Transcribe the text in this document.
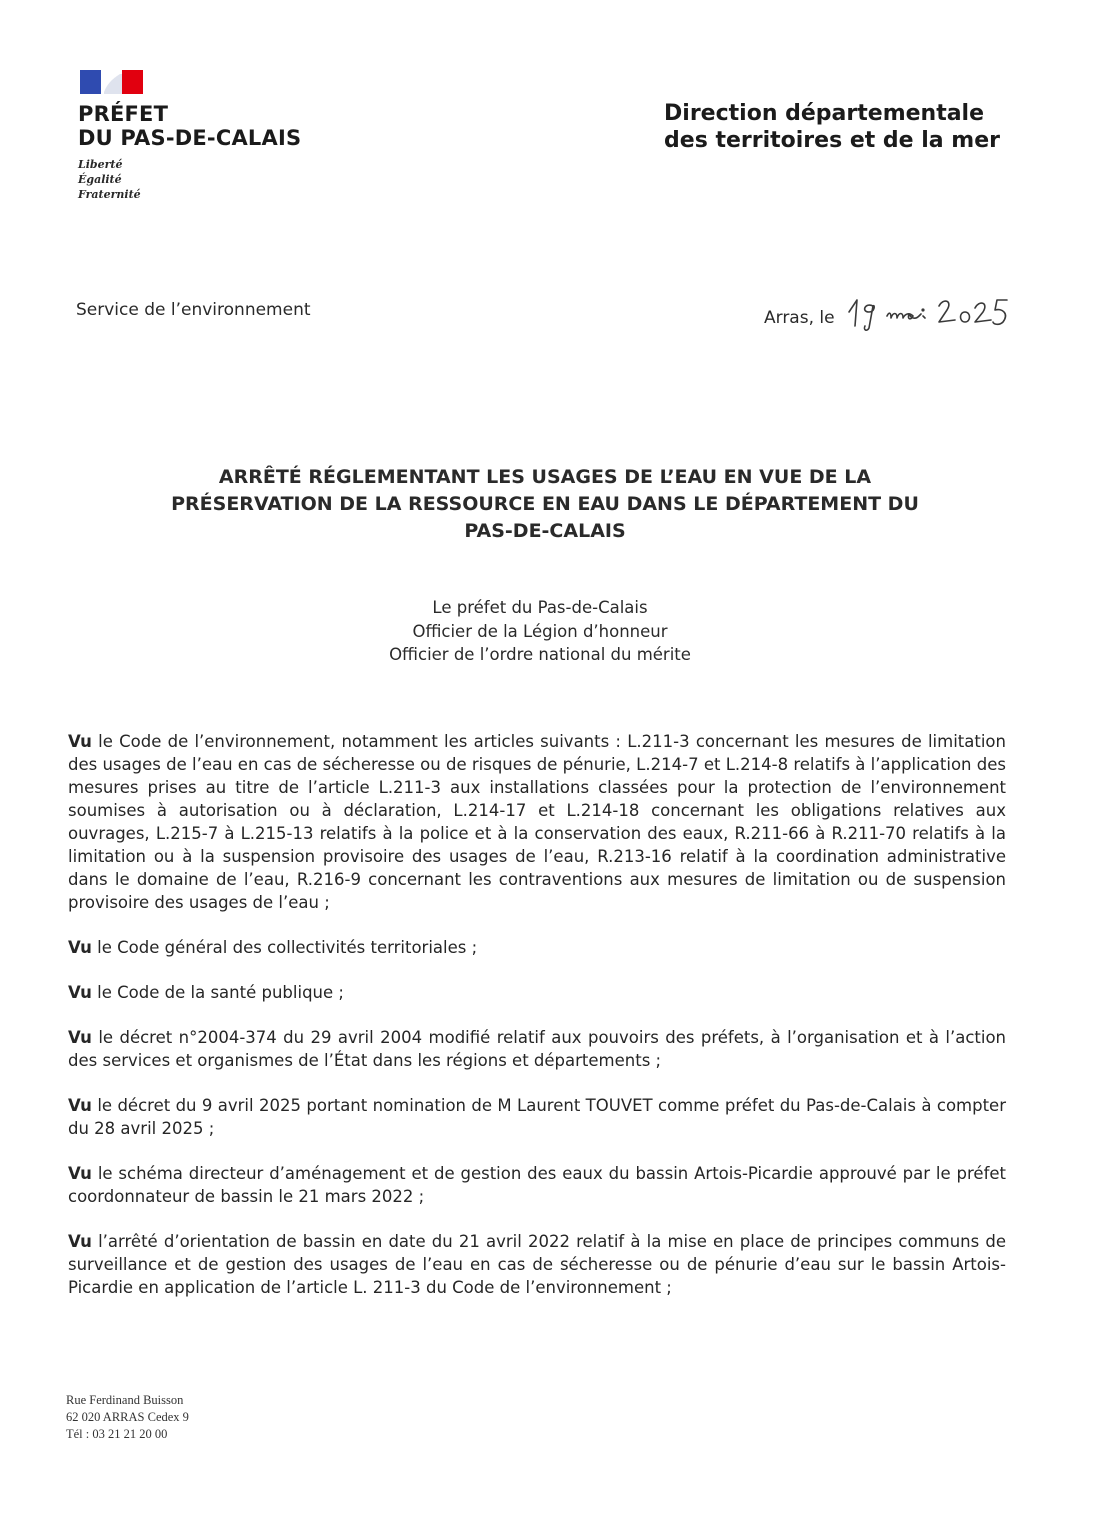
PRÉFET
DU PAS-DE-CALAIS
Liberté
Égalité
Fraternité
Direction départementale
des territoires et de la mer
Service de l’environnement	Arras, le
ARRÊTÉ RÉGLEMENTANT LES USAGES DE L’EAU EN VUE DE LA
PRÉSERVATION DE LA RESSOURCE EN EAU DANS LE DÉPARTEMENT DU
PAS-DE-CALAIS
Le préfet du Pas-de-Calais
Officier de la Légion d’honneur
Officier de l’ordre national du mérite

Vu le Code de l’environnement, notamment les articles suivants : L.211-3 concernant les mesures de limitation des usages de l’eau en cas de sécheresse ou de risques de pénurie, L.214-7 et L.214-8 relatifs à l’application des mesures prises au titre de l’article L.211-3 aux installations classées pour la protection de l’environnement soumises à autorisation ou à déclaration, L.214-17 et L.214-18 concernant les obligations relatives aux ouvrages, L.215-7 à L.215-13 relatifs à la police et à la conservation des eaux, R.211-66 à R.211-70 relatifs à la limitation ou à la suspension provisoire des usages de l’eau, R.213-16 relatif à la coordination administrative dans le domaine de l’eau, R.216-9 concernant les contraventions aux mesures de limitation ou de suspension provisoire des usages de l’eau ;

Vu le Code général des collectivités territoriales ;

Vu le Code de la santé publique ;

Vu le décret n°2004-374 du 29 avril 2004 modifié relatif aux pouvoirs des préfets, à l’organisation et à l’action des services et organismes de l’État dans les régions et départements ;

Vu le décret du 9 avril 2025 portant nomination de M Laurent TOUVET comme préfet du Pas-de-Calais à compter du 28 avril 2025 ;

Vu le schéma directeur d’aménagement et de gestion des eaux du bassin Artois-Picardie approuvé par le préfet coordonnateur de bassin le 21 mars 2022 ;

Vu l’arrêté d’orientation de bassin en date du 21 avril 2022 relatif à la mise en place de principes communs de surveillance et de gestion des usages de l’eau en cas de sécheresse ou de pénurie d’eau sur le bassin Artois-Picardie en application de l’article L. 211-3 du Code de l’environnement ;

Rue Ferdinand Buisson
62 020 ARRAS Cedex 9
Tél : 03 21 21 20 00
